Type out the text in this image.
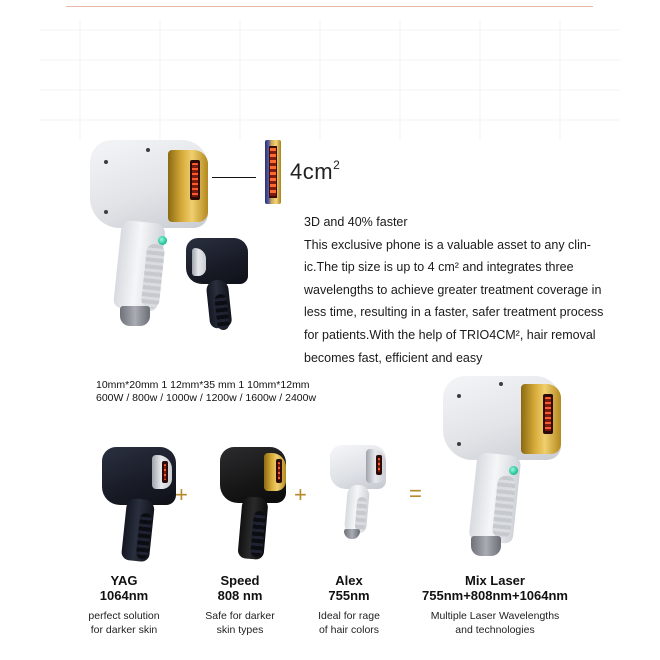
$4cm^2$

3D and 40% faster

This exclusive phone is a valuable asset to any clin-

ic.The tip size is up to 4 cm² and integrates three

wavelengths to achieve greater treatment coverage in

less time, resulting in a faster, safer treatment process

for patients.With the help of TRIO4CM², hair removal

becomes fast, efficient and easy

10mm*20mm 1 12mm*35 mm 1 10mm*12mm
600W / 800w / 1000w / 1200w / 1600w / 2400w
+	+	=
YAG
1064nm
perfect solution
for darker skin
Speed
808 nm
Safe for darker
skin types
Alex
755nm
Ideal for rage
of hair colors
Mix Laser
755nm+808nm+1064nm
Multiple Laser Wavelengths
and technologies
